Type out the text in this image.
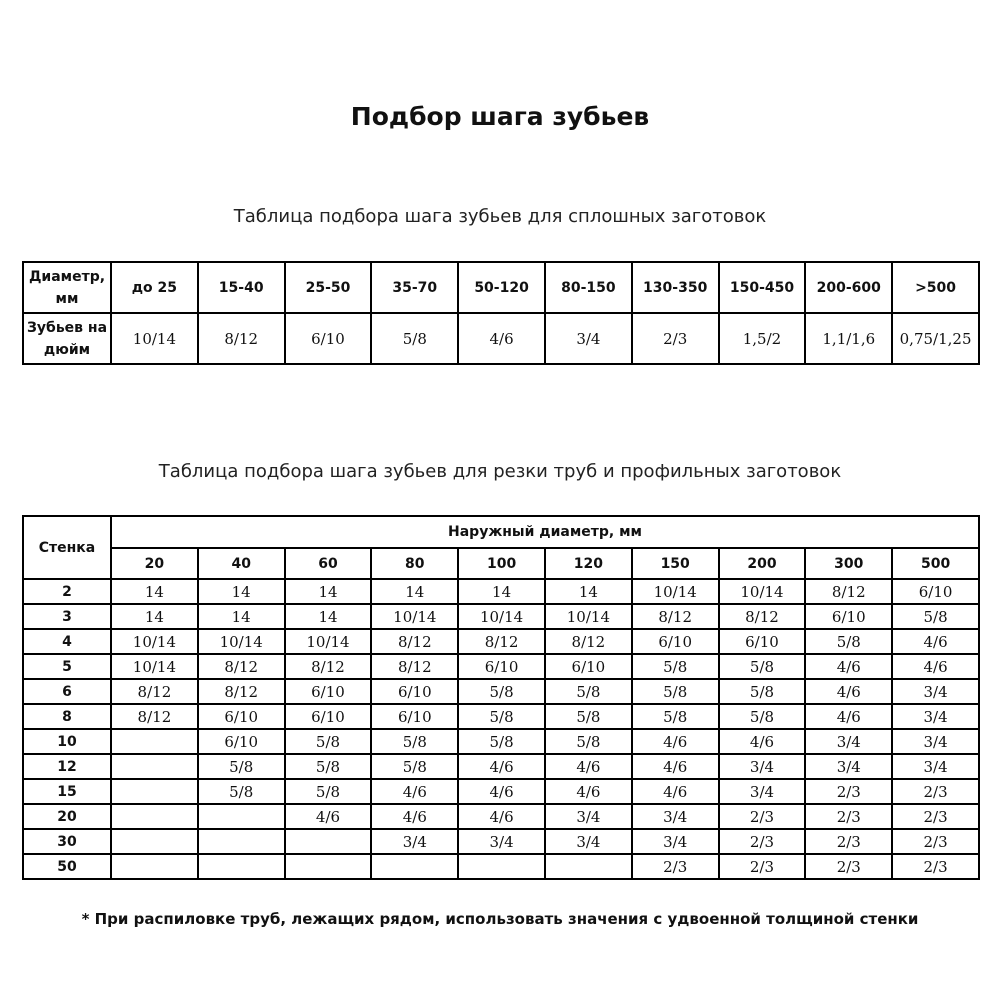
Подбор шага зубьев
Таблица подбора шага зубьев для сплошных заготовок
Диаметр, мм	до 25	15-40	25-50	35-70	50-120	80-150	130-350	150-450	200-600	>500
Зубьев на дюйм	10/14	8/12	6/10	5/8	4/6	3/4	2/3	1,5/2	1,1/1,6	0,75/1,25
Таблица подбора шага зубьев для резки труб и профильных заготовок
Стенка	Наружный диаметр, мм									
	20	40	60	80	100	120	150	200	300	500
2	14	14	14	14	14	14	10/14	10/14	8/12	6/10
3	14	14	14	10/14	10/14	10/14	8/12	8/12	6/10	5/8
4	10/14	10/14	10/14	8/12	8/12	8/12	6/10	6/10	5/8	4/6
5	10/14	8/12	8/12	8/12	6/10	6/10	5/8	5/8	4/6	4/6
6	8/12	8/12	6/10	6/10	5/8	5/8	5/8	5/8	4/6	3/4
8	8/12	6/10	6/10	6/10	5/8	5/8	5/8	5/8	4/6	3/4
10		6/10	5/8	5/8	5/8	5/8	4/6	4/6	3/4	3/4
12		5/8	5/8	5/8	4/6	4/6	4/6	3/4	3/4	3/4
15		5/8	5/8	4/6	4/6	4/6	4/6	3/4	2/3	2/3
20			4/6	4/6	4/6	3/4	3/4	2/3	2/3	2/3
30				3/4	3/4	3/4	3/4	2/3	2/3	2/3
50							2/3	2/3	2/3	2/3
* При распиловке труб, лежащих рядом, использовать значения с удвоенной толщиной стенки
